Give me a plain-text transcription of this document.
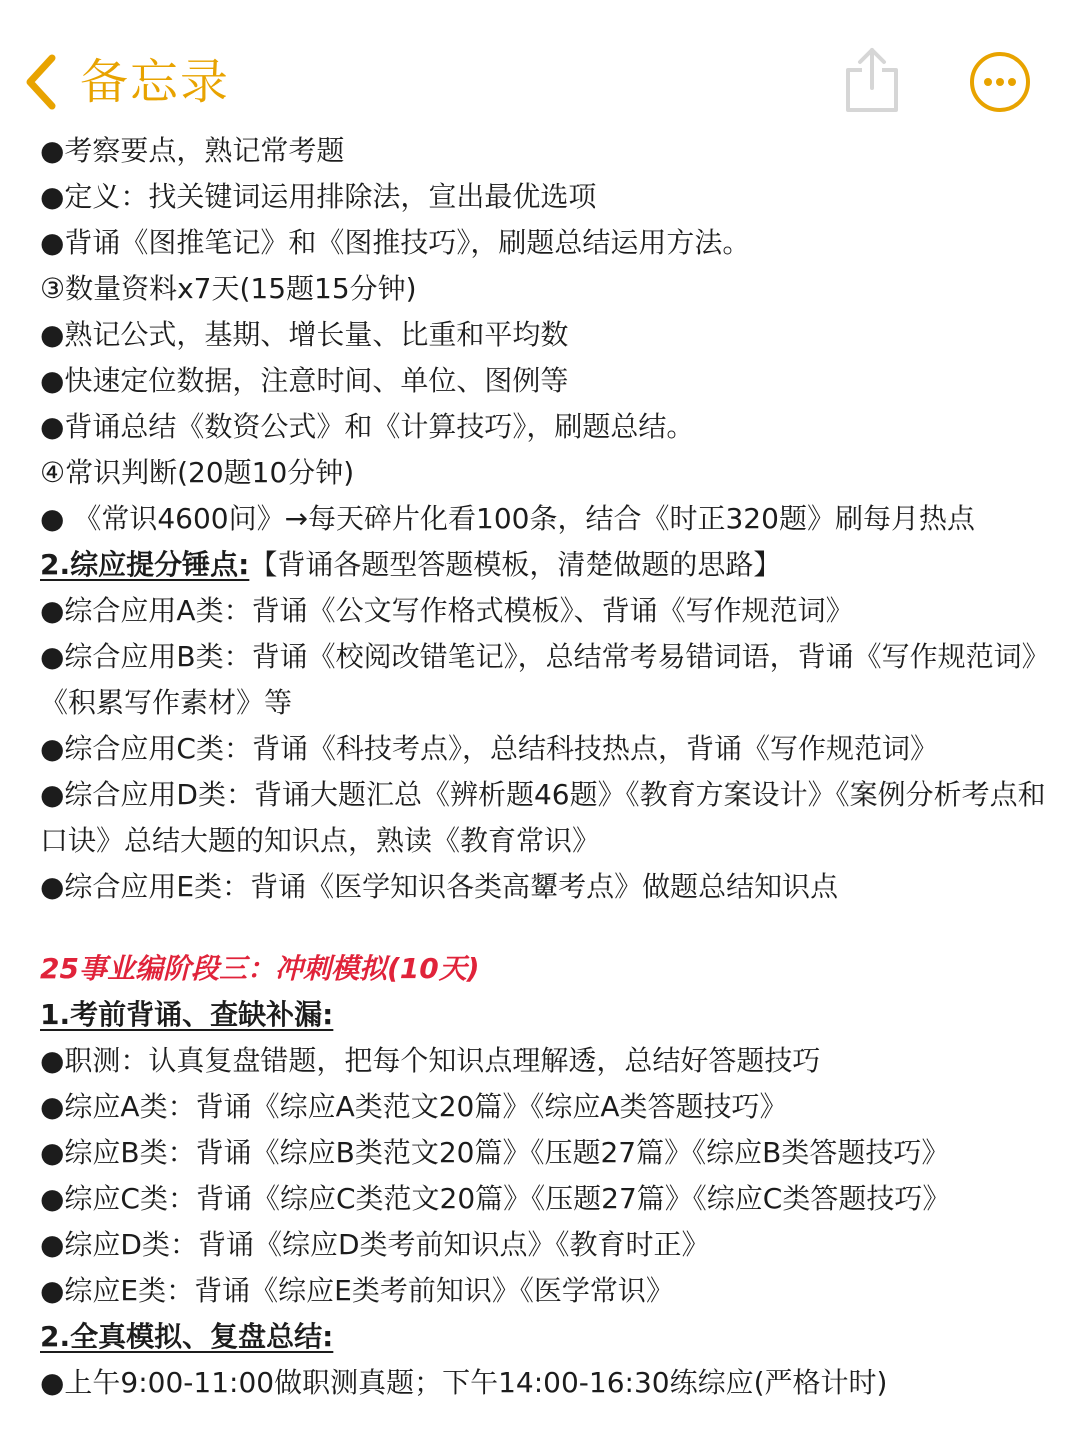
备忘录
●考察要点，熟记常考题
●定义：找关键词运用排除法，宣出最优选项
●背诵《图推笔记》和《图推技巧》，刷题总结运用方法。
③数量资料x7天(15题15分钟)
●熟记公式，基期、增长量、比重和平均数
●快速定位数据，注意时间、单位、图例等
●背诵总结《数资公式》和《计算技巧》，刷题总结。
④常识判断(20题10分钟)
● 《常识4600问》→每天碎片化看100条，结合《时正320题》刷每月热点
2.综应提分锤点:【背诵各题型答题模板，清楚做题的思路】
●综合应用A类：背诵《公文写作格式模板》、背诵《写作规范词》
●综合应用B类：背诵《校阅改错笔记》，总结常考易错词语，背诵《写作规范词》《积累写作素材》等
●综合应用C类：背诵《科技考点》，总结科技热点，背诵《写作规范词》
●综合应用D类：背诵大题汇总《辨析题46题》《教育方案设计》《案例分析考点和口诀》总结大题的知识点，熟读《教育常识》
●综合应用E类：背诵《医学知识各类高顰考点》做题总结知识点
25事业编阶段三：冲刺模拟(10天)
1.考前背诵、查缺补漏:
●职测：认真复盘错题，把每个知识点理解透，总结好答题技巧
●综应A类：背诵《综应A类范文20篇》《综应A类答题技巧》
●综应B类：背诵《综应B类范文20篇》《压题27篇》《综应B类答题技巧》
●综应C类：背诵《综应C类范文20篇》《压题27篇》《综应C类答题技巧》
●综应D类：背诵《综应D类考前知识点》《教育时正》
●综应E类：背诵《综应E类考前知识》《医学常识》
2.全真模拟、复盘总结:
●上午9:00-11:00做职测真题；下午14:00-16:30练综应(严格计时)
